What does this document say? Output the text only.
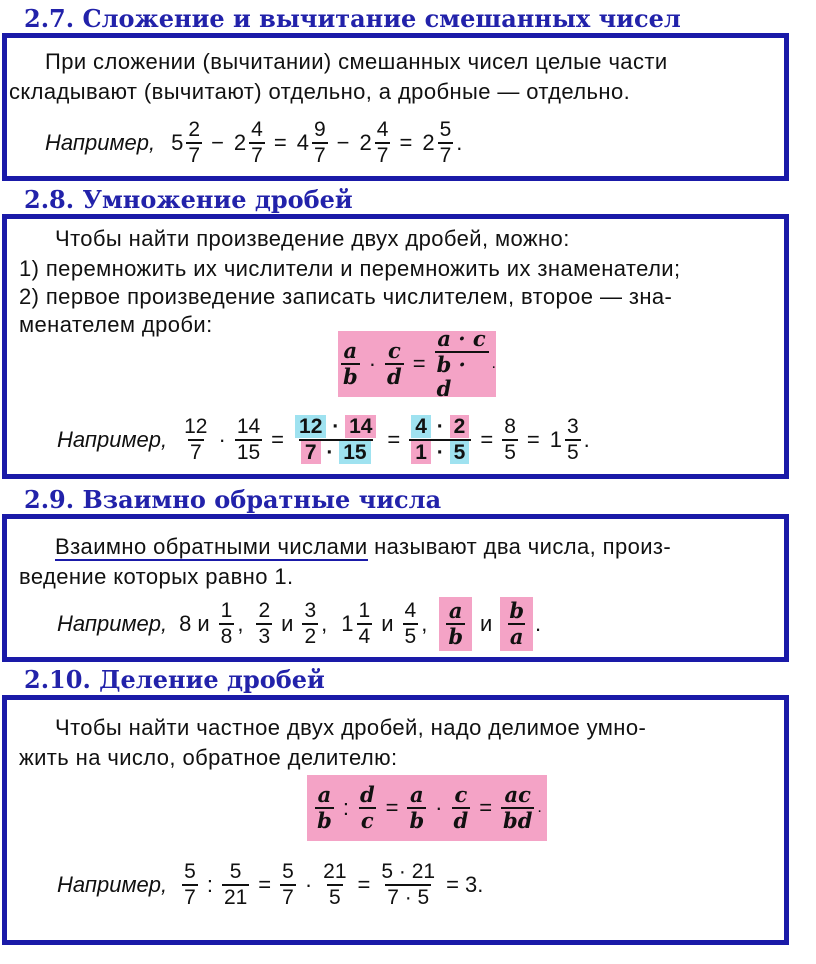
2.7. Сложение и вычитание смешанных чисел
При сложении (вычитании) смешанных чисел целые части
складывают (вычитают) отдельно, а дробные — отдельно.
Например, $5 \frac{2}{7} - 2 \frac{4}{7} = 4 \frac{9}{7} - 2 \frac{4}{7} = 2 \frac{5}{7}$ .
2.8. Умножение дробей
Чтобы найти произведение двух дробей, можно:
1) перемножить их числители и перемножить их знаменатели;
2) первое произведение записать числителем, второе — зна-
менателем дроби:
$\frac{a}{b} \cdot \frac{c}{d} = \frac{a \cdot c}{b \cdot d}$ .
Например, $\frac{12}{7} \cdot \frac{14}{15} = \frac{12 \cdot 14}{7 \cdot 15} = \frac{4 \cdot 2}{1 \cdot 5} = \frac{8}{5} = 1 \frac{3}{5}$ .
2.9. Взаимно обратные числа
Взаимно обратными числами называют два числа, произ-
ведение которых равно 1.
Например, 8 и $\frac{1}{8}$ , $\frac{2}{3}$ и $\frac{3}{2}$ , $1 \frac{1}{4}$ и $\frac{4}{5}$ , $\frac{a}{b}$ и $\frac{b}{a}$ .
2.10. Деление дробей
Чтобы найти частное двух дробей, надо делимое умно-
жить на число, обратное делителю:
$\frac{a}{b}$ : $\frac{d}{c} = \frac{a}{b} \cdot \frac{c}{d} = \frac{ac}{bd}$ .
Например, $\frac{5}{7}$ : $\frac{5}{21} = \frac{5}{7} \cdot \frac{21}{5} = \frac{5 \cdot 21}{7 \cdot 5} = 3$.
